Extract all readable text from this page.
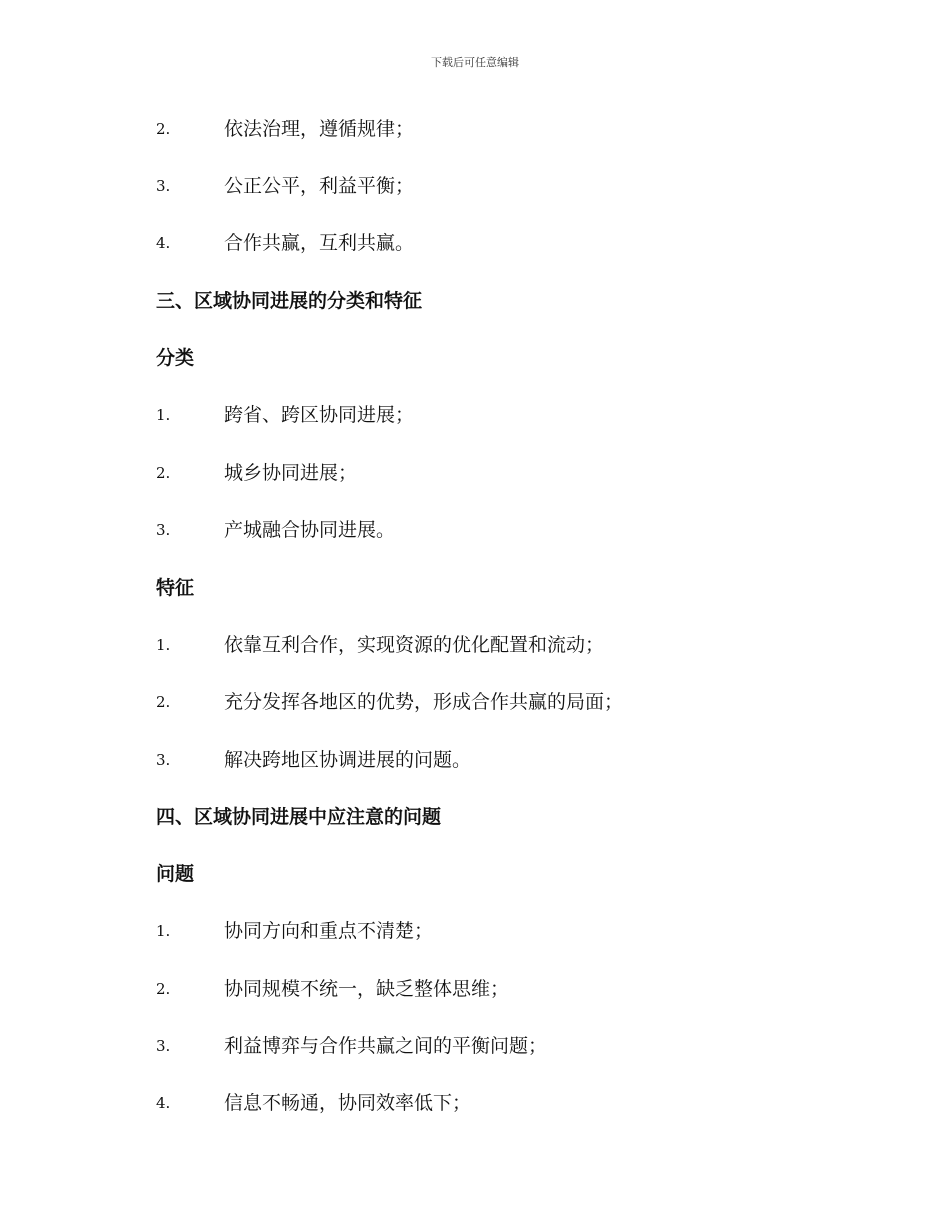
下载后可任意编辑
2.	依法治理，遵循规律；
3.	公正公平，利益平衡；
4.	合作共赢，互利共赢。
三、区域协同进展的分类和特征
分类
1.	跨省、跨区协同进展；
2.	城乡协同进展；
3.	产城融合协同进展。
特征
1.	依靠互利合作，实现资源的优化配置和流动；
2.	充分发挥各地区的优势，形成合作共赢的局面；
3.	解决跨地区协调进展的问题。
四、区域协同进展中应注意的问题
问题
1.	协同方向和重点不清楚；
2.	协同规模不统一，缺乏整体思维；
3.	利益博弈与合作共赢之间的平衡问题；
4.	信息不畅通，协同效率低下；
